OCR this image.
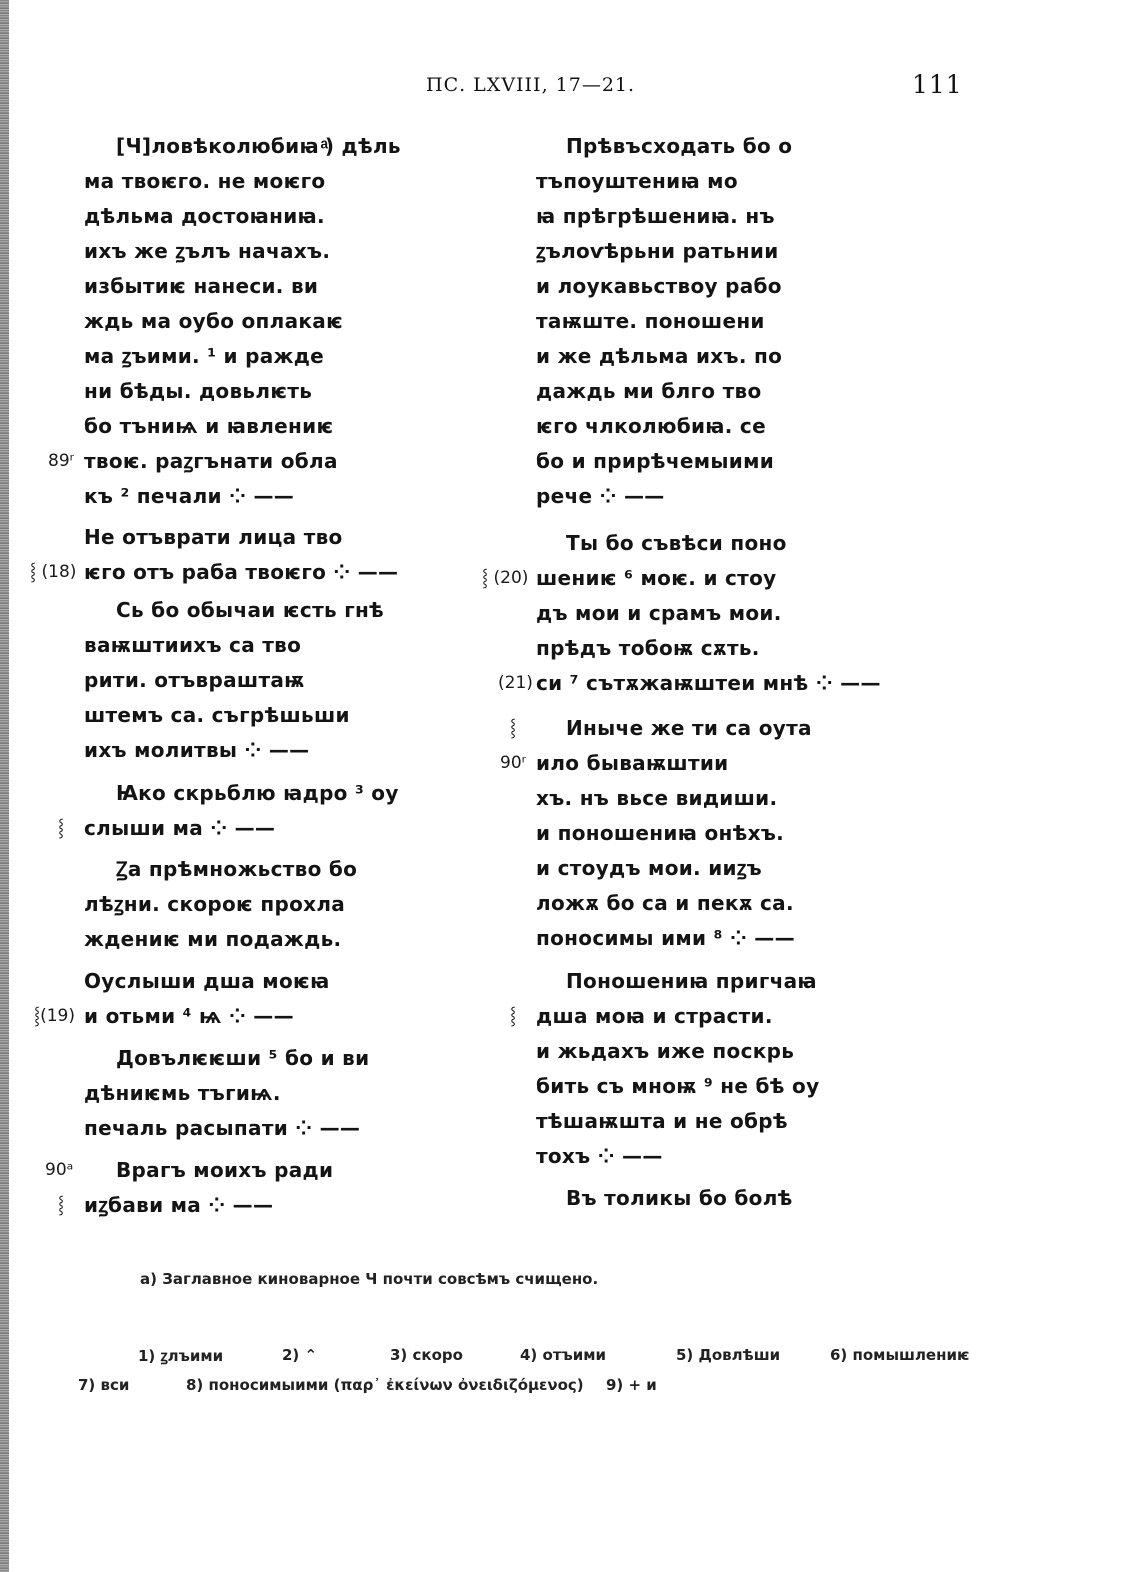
ПС. LXVIII, 17—21.	111
[Ч]ловѣколюбиꙗ ͣ) дѣль
ма твоѥго. не моѥго
дѣльма достоꙗниꙗ.
ихъ же ꙁълъ начахъ.
избытиѥ нанеси. ви
ждь ма оубо оплакаѥ
ма ꙁъими. ¹ и ражде
ни бѣды. довьлѥть
бо тъниѩ и ꙗвлениѥ
твоѥ. раꙁгънати обла
къ ² печали ⁘ ——
Не отъврати лица тво
ѥго отъ раба твоѥго ⁘ ——
Сь бо обычаи ѥсть гнѣ
ваѭштиихъ са тво
рити. отъвраштаѭ
штемъ са. съгрѣшьши
ихъ молитвы ⁘ ——
Ꙗко скрьблю ꙗдро ³ оу
слыши ма ⁘ ——
Ꙁа прѣмножьство бо
лѣꙁни. скороѥ прохла
ждениѥ ми подаждь.
Оуслыши дша моѥꙗ
и отьми ⁴ ѩ ⁘ ——
Довълѥѥши ⁵ бо и ви
дѣниѥмь тъгиѩ.
печаль расыпати ⁘ ——
Врагъ моихъ ради
иꙁбави ма ⁘ ——
89ʳ
⸾ (18)
⸾
⸾(19)
90ᵃ
⸾
Прѣвъсходать бо о
тъпоуштениꙗ мо
ꙗ прѣгрѣшениꙗ. нъ
ꙁълоѵѣрьни ратьнии
и лоукавьствоу рабо
таѭште. поношени
и же дѣльма ихъ. по
даждь ми блго тво
ѥго члколюбиꙗ. се
бо и прирѣчемыими
рече ⁘ ——
Ты бо съвѣси поно
шениѥ ⁶ моѥ. и стоу
дъ мои и срамъ мои.
прѣдъ тобоѭ сѫть.
си ⁷ сътѫжаѭштеи мнѣ ⁘ ——
Иныче же ти са оута
ило бываѭштии
хъ. нъ вьсе видиши.
и поношениꙗ онѣхъ.
и стоудъ мои. ииꙁъ
ложѫ бо са и пекѫ са.
поносимы ими ⁸ ⁘ ——
Поношениꙗ пригчаꙗ
дша моꙗ и страсти.
и жьдахъ иже поскрь
бить съ мноѭ ⁹ не бѣ оу
тѣшаѭшта и не обрѣ
тохъ ⁘ ——
Въ толикы бо болѣ
⸾ (20)
(21)
⸾
90ʳ
⸾
а) Заглавное киноварное Ч почти совсѣмъ счищено.
1) ꙁлъими	2) ⌃	3) скоро	4) отъими	5) Довлѣши	6) помышлениѥ
7) вси	8) поносимыими (παρ᾽ ἐκείνων ὀνειδιζόμενος) 9) + и
